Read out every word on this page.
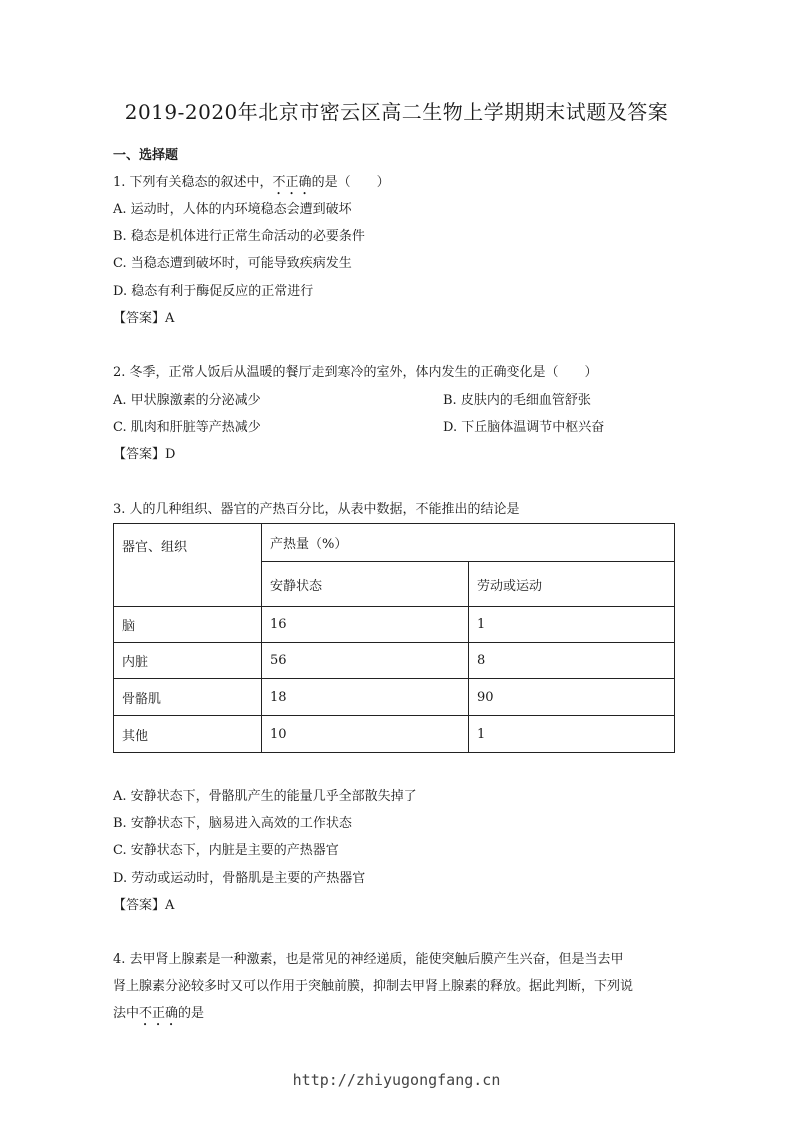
2019-2020年北京市密云区高二生物上学期期末试题及答案
一、选择题
1. 下列有关稳态的叙述中，不正确的是（　　）
A. 运动时，人体的内环境稳态会遭到破坏
B. 稳态是机体进行正常生命活动的必要条件
C. 当稳态遭到破坏时，可能导致疾病发生
D. 稳态有利于酶促反应的正常进行
【答案】A
2. 冬季，正常人饭后从温暖的餐厅走到寒冷的室外，体内发生的正确变化是（　　）
A. 甲状腺激素的分泌减少	B. 皮肤内的毛细血管舒张
C. 肌肉和肝脏等产热减少	D. 下丘脑体温调节中枢兴奋
【答案】D
3. 人的几种组织、器官的产热百分比，从表中数据，不能推出的结论是
器官、组织	产热量（%）	
	安静状态	劳动或运动
脑	16	1
内脏	56	8
骨骼肌	18	90
其他	10	1
A. 安静状态下，骨骼肌产生的能量几乎全部散失掉了
B. 安静状态下，脑易进入高效的工作状态
C. 安静状态下，内脏是主要的产热器官
D. 劳动或运动时，骨骼肌是主要的产热器官
【答案】A
4. 去甲肾上腺素是一种激素，也是常见的神经递质，能使突触后膜产生兴奋，但是当去甲
肾上腺素分泌较多时又可以作用于突触前膜，抑制去甲肾上腺素的释放。据此判断，下列说
法中不正确的是
http://zhiyugongfang.cn
